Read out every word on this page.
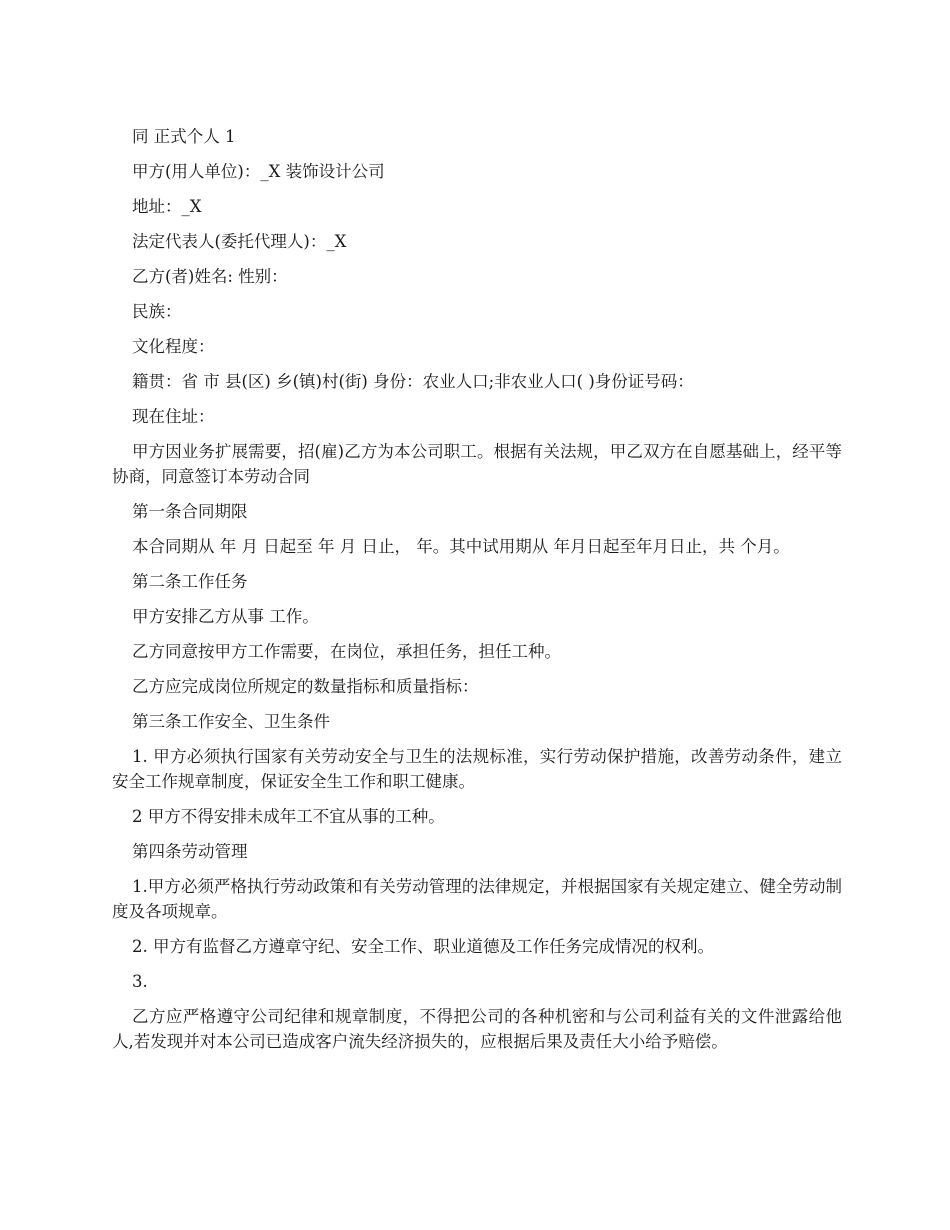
同 正式个人 1

甲方(用人单位)：_X 装饰设计公司

地址：_X

法定代表人(委托代理人)：_X

乙方(者)姓名: 性别：

民族：

文化程度：

籍贯：省 市 县(区) 乡(镇)村(街) 身份：农业人口;非农业人口( )身份证号码：

现在住址：

甲方因业务扩展需要，招(雇)乙方为本公司职工。根据有关法规，甲乙双方在自愿基础上，经平等协商，同意签订本劳动合同

第一条合同期限

本合同期从 年 月 日起至 年 月 日止， 年。其中试用期从 年月日起至年月日止，共 个月。

第二条工作任务

甲方安排乙方从事 工作。

乙方同意按甲方工作需要，在岗位，承担任务，担任工种。

乙方应完成岗位所规定的数量指标和质量指标：

第三条工作安全、卫生条件

1. 甲方必须执行国家有关劳动安全与卫生的法规标准，实行劳动保护措施，改善劳动条件，建立安全工作规章制度，保证安全生工作和职工健康。

2 甲方不得安排未成年工不宜从事的工种。

第四条劳动管理

1.甲方必须严格执行劳动政策和有关劳动管理的法律规定，并根据国家有关规定建立、健全劳动制度及各项规章。

2. 甲方有监督乙方遵章守纪、安全工作、职业道德及工作任务完成情况的权利。

3.

乙方应严格遵守公司纪律和规章制度，不得把公司的各种机密和与公司利益有关的文件泄露给他人,若发现并对本公司已造成客户流失经济损失的，应根据后果及责任大小给予赔偿。
